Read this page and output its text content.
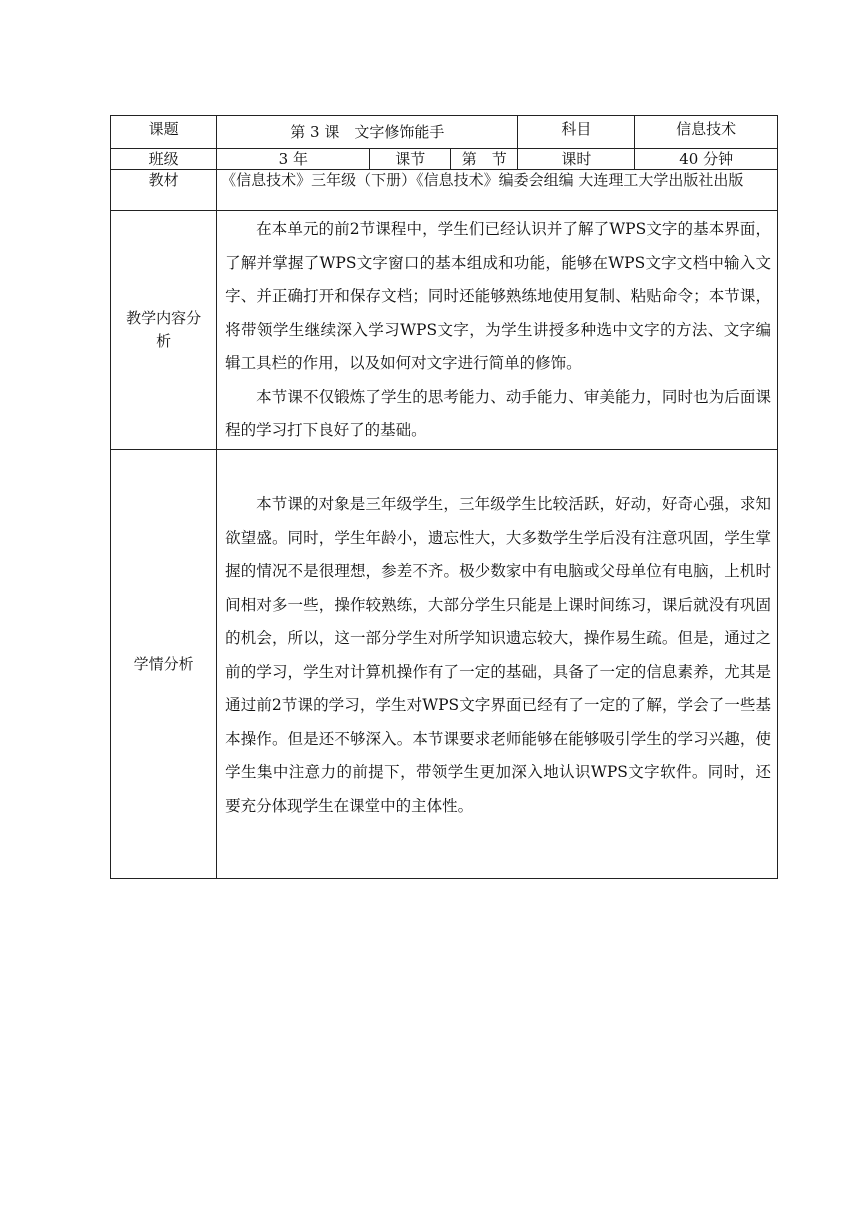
课题	第 3 课　文字修饰能手			科目	信息技术

班级	3 年	课节	第　节	课时	40 分钟
教材	《信息技术》三年级（下册）《信息技术》编委会组编 大连理工大学出版社出版				

教学内容分析	在本单元的前2节课程中，学生们已经认识并了解了WPS文字的基本界面，了解并掌握了WPS文字窗口的基本组成和功能，能够在WPS文字文档中输入文字、并正确打开和保存文档；同时还能够熟练地使用复制、粘贴命令；本节课，将带领学生继续深入学习WPS文字，为学生讲授多种选中文字的方法、文字编辑工具栏的作用，以及如何对文字进行简单的修饰。

本节课不仅锻炼了学生的思考能力、动手能力、审美能力，同时也为后面课程的学习打下良好了的基础。				

学情分析	本节课的对象是三年级学生，三年级学生比较活跃，好动，好奇心强，求知欲望盛。同时，学生年龄小，遗忘性大，大多数学生学后没有注意巩固，学生掌握的情况不是很理想，参差不齐。极少数家中有电脑或父母单位有电脑，上机时间相对多一些，操作较熟练，大部分学生只能是上课时间练习，课后就没有巩固的机会，所以，这一部分学生对所学知识遗忘较大，操作易生疏。但是，通过之前的学习，学生对计算机操作有了一定的基础，具备了一定的信息素养，尤其是通过前2节课的学习，学生对WPS文字界面已经有了一定的了解，学会了一些基本操作。但是还不够深入。本节课要求老师能够在能够吸引学生的学习兴趣，使学生集中注意力的前提下，带领学生更加深入地认识WPS文字软件。同时，还要充分体现学生在课堂中的主体性。				
